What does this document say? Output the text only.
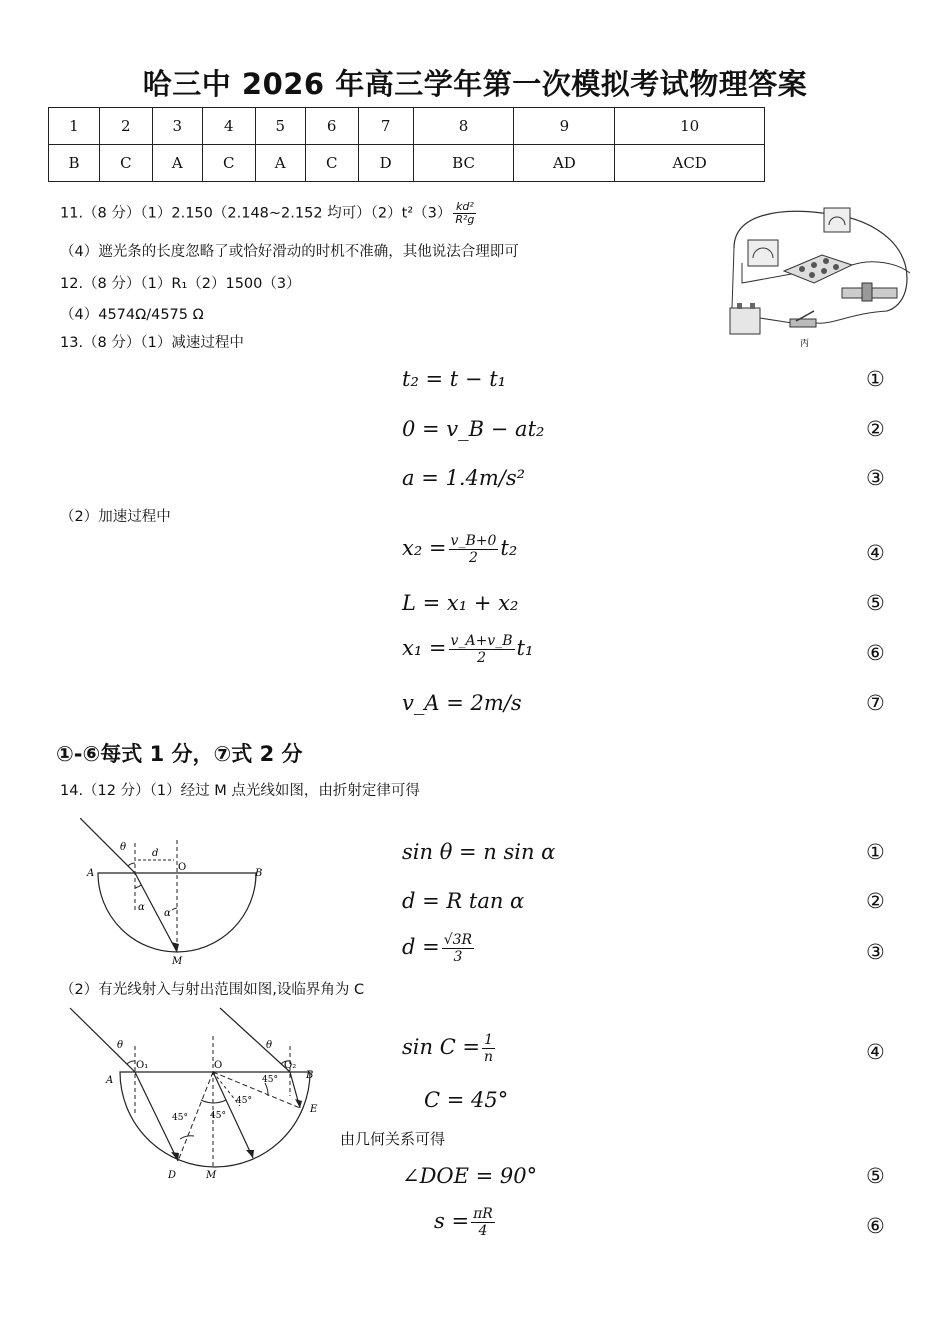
哈三中 2026 年高三学年第一次模拟考试物理答案
1	2	3	4	5	6	7	8	9	10
B	C	A	C	A	C	D	BC	AD	ACD
11.（8 分）（1）2.150（2.148~2.152 均可）$(2)t^2(3) \frac{\text{kd²}}{\text{R²g}}$
（4）遮光条的长度忽略了或恰好滑动的时机不准确，其他说法合理即可
丙
12.（8 分）（1）R₁（2）1500（3）
（4）4574Ω/4575 Ω
13.（8 分）（1）减速过程中
t₂ = t − t₁	①
0 = v_B − at₂	②
a = 1.4m/s²	③
（2）加速过程中
$x_2 = \frac{v\_B+0}{2} t_2$	④
L = x₁ + x₂	⑤
$x_1 = \frac{v\_A+v\_B}{2} t_1$	⑥
v_A = 2m/s	⑦
①-⑥每式 1 分，⑦式 2 分
14.（12 分）（1）经过 M 点光线如图，由折射定律可得
θ
d
O
A	B
α
α
M
sin θ = n sin α	①
d = R tan α	②
$d = \frac{√3R}{3}$	③
（2）有光线射入与射出范围如图,设临界角为 C
θ	θ
O₁	O	O₂
A	B
E
D	M
45° 45°
45°
45°
$\sin C = \frac{1}{n}$	④
C = 45°
由几何关系可得
∠DOE = 90°	⑤
$s = \frac{\pi R}{4}$	⑥
